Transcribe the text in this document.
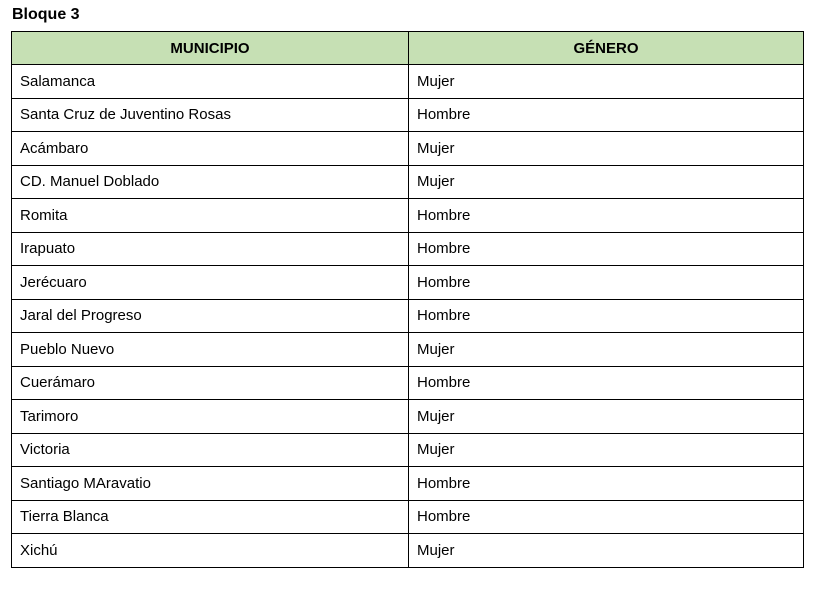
Bloque 3
MUNICIPIO	GÉNERO
Salamanca	Mujer
Santa Cruz de Juventino Rosas	Hombre
Acámbaro	Mujer
CD. Manuel Doblado	Mujer
Romita	Hombre
Irapuato	Hombre
Jerécuaro	Hombre
Jaral del Progreso	Hombre
Pueblo Nuevo	Mujer
Cuerámaro	Hombre
Tarimoro	Mujer
Victoria	Mujer
Santiago MAravatio	Hombre
Tierra Blanca	Hombre
Xichú	Mujer
